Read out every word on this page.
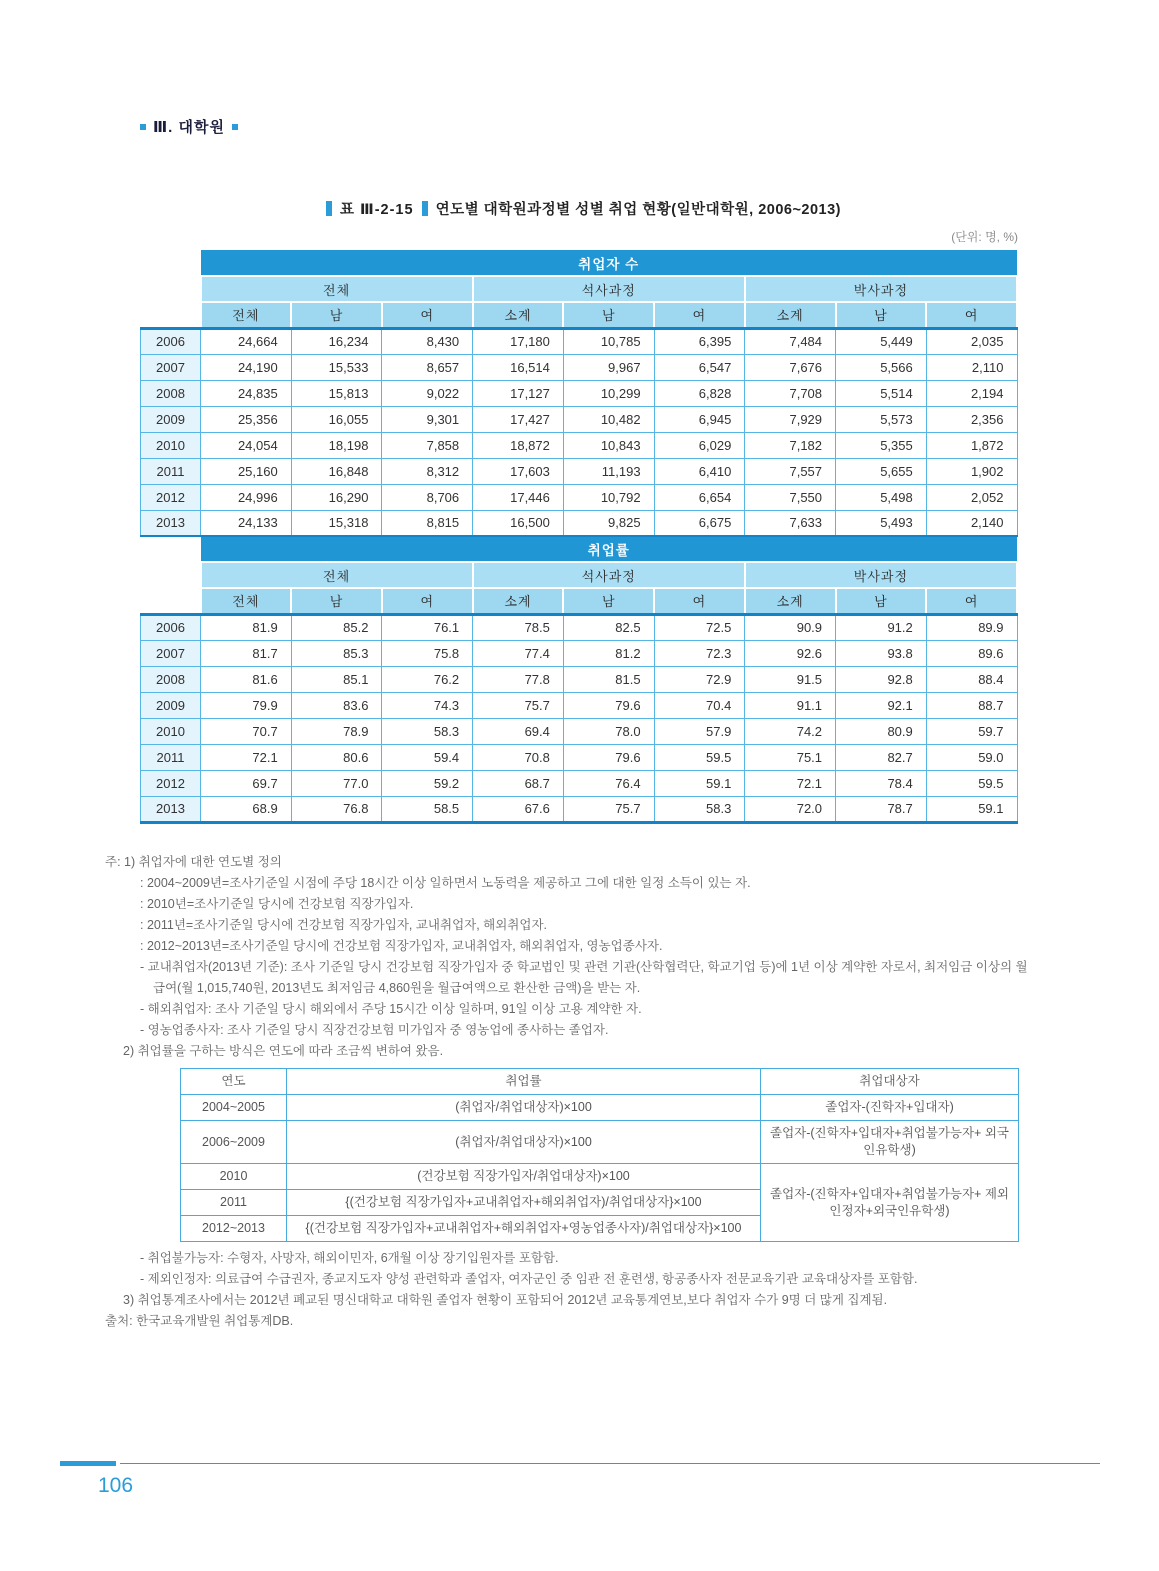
Ⅲ. 대학원
표 Ⅲ-2-15 연도별 대학원과정별 성별 취업 현황(일반대학원, 2006~2013)
(단위: 명, %)
	취업자 수								
	전체			석사과정			박사과정		
	전체	남	여	소계	남	여	소계	남	여
2006	24,664	16,234	8,430	17,180	10,785	6,395	7,484	5,449	2,035
2007	24,190	15,533	8,657	16,514	9,967	6,547	7,676	5,566	2,110
2008	24,835	15,813	9,022	17,127	10,299	6,828	7,708	5,514	2,194
2009	25,356	16,055	9,301	17,427	10,482	6,945	7,929	5,573	2,356
2010	24,054	18,198	7,858	18,872	10,843	6,029	7,182	5,355	1,872
2011	25,160	16,848	8,312	17,603	11,193	6,410	7,557	5,655	1,902
2012	24,996	16,290	8,706	17,446	10,792	6,654	7,550	5,498	2,052
2013	24,133	15,318	8,815	16,500	9,825	6,675	7,633	5,493	2,140
	취업률								
	전체			석사과정			박사과정		
	전체	남	여	소계	남	여	소계	남	여
2006	81.9	85.2	76.1	78.5	82.5	72.5	90.9	91.2	89.9
2007	81.7	85.3	75.8	77.4	81.2	72.3	92.6	93.8	89.6
2008	81.6	85.1	76.2	77.8	81.5	72.9	91.5	92.8	88.4
2009	79.9	83.6	74.3	75.7	79.6	70.4	91.1	92.1	88.7
2010	70.7	78.9	58.3	69.4	78.0	57.9	74.2	80.9	59.7
2011	72.1	80.6	59.4	70.8	79.6	59.5	75.1	82.7	59.0
2012	69.7	77.0	59.2	68.7	76.4	59.1	72.1	78.4	59.5
2013	68.9	76.8	58.5	67.6	75.7	58.3	72.0	78.7	59.1
주: 1) 취업자에 대한 연도별 정의
: 2004~2009년=조사기준일 시점에 주당 18시간 이상 일하면서 노동력을 제공하고 그에 대한 일정 소득이 있는 자.
: 2010년=조사기준일 당시에 건강보험 직장가입자.
: 2011년=조사기준일 당시에 건강보험 직장가입자, 교내취업자, 해외취업자.
: 2012~2013년=조사기준일 당시에 건강보험 직장가입자, 교내취업자, 해외취업자, 영농업종사자.
- 교내취업자(2013년 기준): 조사 기준일 당시 건강보험 직장가입자 중 학교법인 및 관련 기관(산학협력단, 학교기업 등)에 1년 이상 계약한 자로서, 최저임금 이상의 월 급여(월 1,015,740원, 2013년도 최저임금 4,860원을 월급여액으로 환산한 금액)을 받는 자.
- 해외취업자: 조사 기준일 당시 해외에서 주당 15시간 이상 일하며, 91일 이상 고용 계약한 자.
- 영농업종사자: 조사 기준일 당시 직장건강보험 미가입자 중 영농업에 종사하는 졸업자.
2) 취업률을 구하는 방식은 연도에 따라 조금씩 변하여 왔음.
연도	취업률	취업대상자
2004~2005	(취업자/취업대상자)×100	졸업자-(진학자+입대자)
2006~2009	(취업자/취업대상자)×100	졸업자-(진학자+입대자+취업불가능자+ 외국인유학생)
2010	(건강보험 직장가입자/취업대상자)×100	졸업자-(진학자+입대자+취업불가능자+ 제외인정자+외국인유학생)
2011	{(건강보험 직장가입자+교내취업자+해외취업자)/취업대상자}×100	
2012~2013	{(건강보험 직장가입자+교내취업자+해외취업자+영농업종사자)/취업대상자}×100	
- 취업불가능자: 수형자, 사망자, 해외이민자, 6개월 이상 장기입원자를 포함함.
- 제외인정자: 의료급여 수급권자, 종교지도자 양성 관련학과 졸업자, 여자군인 중 임관 전 훈련생, 항공종사자 전문교육기관 교육대상자를 포함함.
3) 취업통계조사에서는 2012년 폐교된 명신대학교 대학원 졸업자 현황이 포함되어 2012년 교육통계연보,보다 취업자 수가 9명 더 많게 집계됨.
출처: 한국교육개발원 취업통계DB.
106
